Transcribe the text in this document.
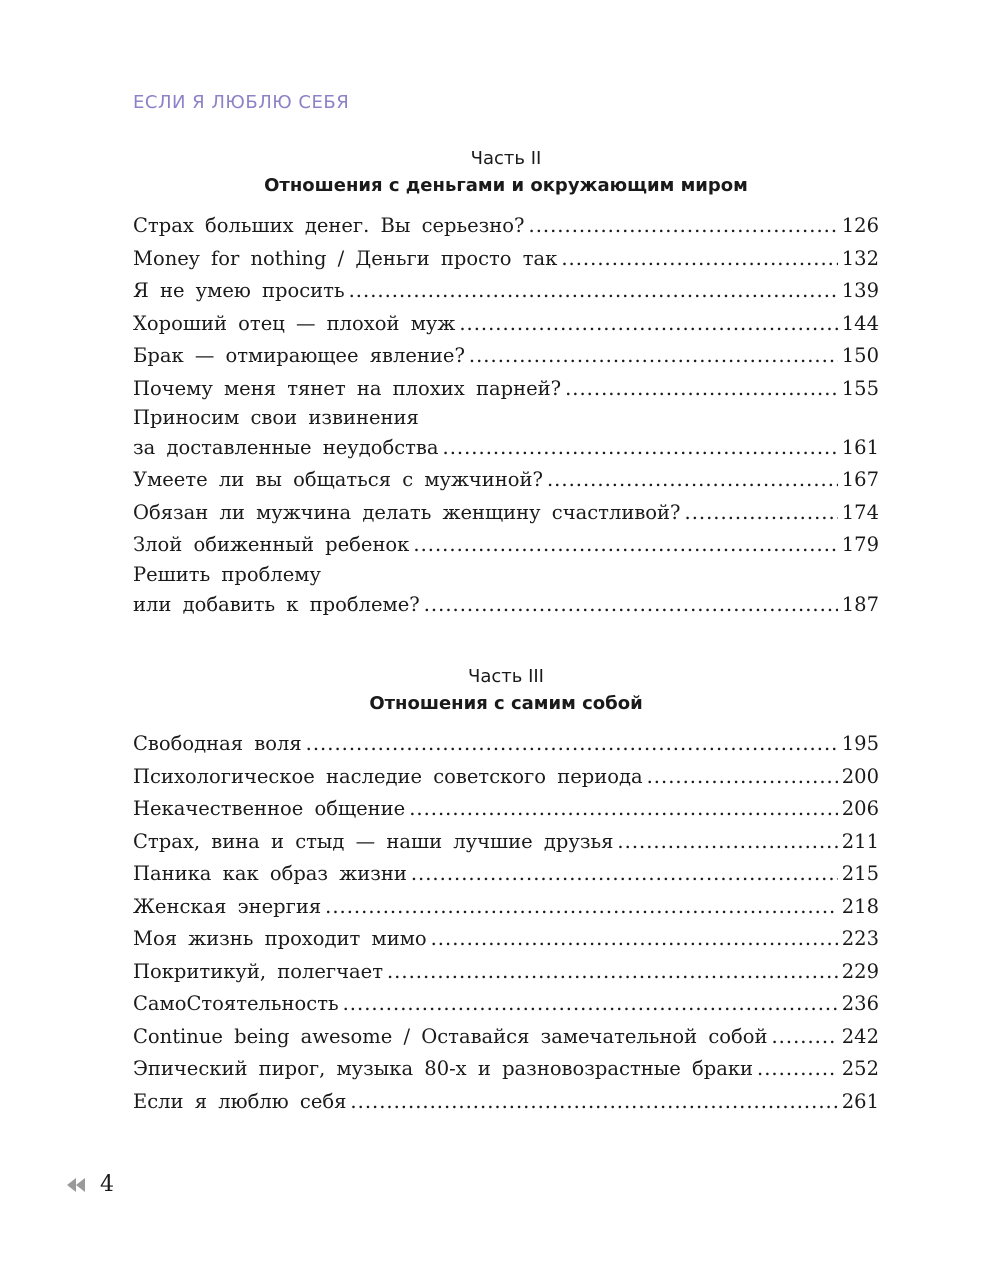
ЕСЛИ Я ЛЮБЛЮ СЕБЯ
Часть II
Отношения с деньгами и окружающим миром
Страх больших денег. Вы серьезно? .....	126
Money for nothing / Деньги просто так .....	132
Я не умею просить .....	139
Хороший отец — плохой муж .....	144
Брак — отмирающее явление? .....	150
Почему меня тянет на плохих парней? .....	155
Приносим свои извинения
за доставленные неудобства .....	161
Умеете ли вы общаться с мужчиной? .....	167
Обязан ли мужчина делать женщину счастливой? .....	174
Злой обиженный ребенок .....	179
Решить проблему
или добавить к проблеме? .....	187
Часть III
Отношения с самим собой
Свободная воля .....	195
Психологическое наследие советского периода .....	200
Некачественное общение .....	206
Страх, вина и стыд — наши лучшие друзья .....	211
Паника как образ жизни .....	215
Женская энергия .....	218
Моя жизнь проходит мимо .....	223
Покритикуй, полегчает .....	229
СамоСтоятельность .....	236
Continue being awesome / Оставайся замечательной собой .....	242
Эпический пирог, музыка 80-х и разновозрастные браки .....	252
Если я люблю себя .....	261
4
